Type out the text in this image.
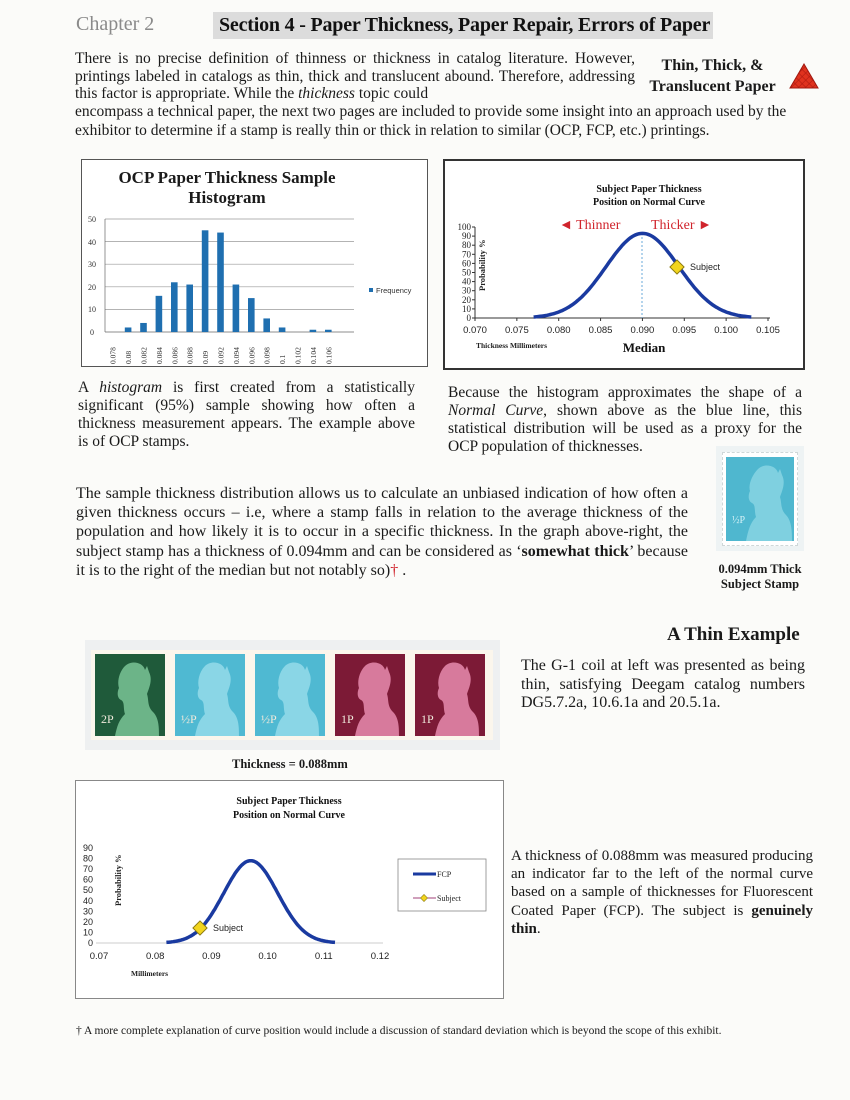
Chapter 2	Section 4 - Paper Thickness, Paper Repair, Errors of Paper
There is no precise definition of thinness or thickness in catalog literature. However, printings labeled in catalogs as thin, thick and translucent abound. Therefore, addressing this factor is appropriate. While the thickness topic could
encompass a technical paper, the next two pages are included to provide some insight into an approach used by the exhibitor to determine if a stamp is really thin or thick in relation to similar (OCP, FCP, etc.) printings.
Thin, Thick, &
Translucent Paper
OCP Paper Thickness Sample
Histogram
0
10
20
30
40
50
0.078 0.08 0.082 0.084 0.086 0.088 0.09 0.092 0.094 0.096 0.098 0.1 0.102 0.104 0.106
Frequency
Subject Paper Thickness
Position on Normal Curve
◄ Thinner Thicker ►
0
10
20
30
40
50
60
70
80
90
100
Probability %
0.070 0.075 0.080 0.085 0.090 0.095 0.100 0.105
Subject
Thickness Millimeters	Median
A histogram is first created from a statistically significant (95%) sample showing how often a thickness measurement appears. The example above is of OCP stamps.
Because the histogram approximates the shape of a Normal Curve, shown above as the blue line, this statistical distribution will be used as a proxy for the OCP population of thicknesses.
The sample thickness distribution allows us to calculate an unbiased indication of how often a given thickness occurs – i.e, where a stamp falls in relation to the average thickness of the population and how likely it is to occur in a specific thickness. In the graph above-right, the subject stamp has a thickness of 0.094mm and can be considered as ‘somewhat thick’ because it is to the right of the median but not notably so)† .
½P
0.094mm Thick
Subject Stamp
2P	½P	½P	1P	1P
Thickness = 0.088mm
A Thin Example
The G-1 coil at left was presented as being thin, satisfying Deegam catalog numbers DG5.7.2a, 10.6.1a and 20.5.1a.
Subject Paper Thickness
Position on Normal Curve
0
10
20
30
40
50
60
70
80
90
Probability %
0.07	0.08	0.09	0.10	0.11	0.12
Subject
Millimeters
FCP
Subject
A thickness of 0.088mm was measured producing an indicator far to the left of the normal curve based on a sample of thicknesses for Fluorescent Coated Paper (FCP). The subject is genuinely thin.
† A more complete explanation of curve position would include a discussion of standard deviation which is beyond the scope of this exhibit.
